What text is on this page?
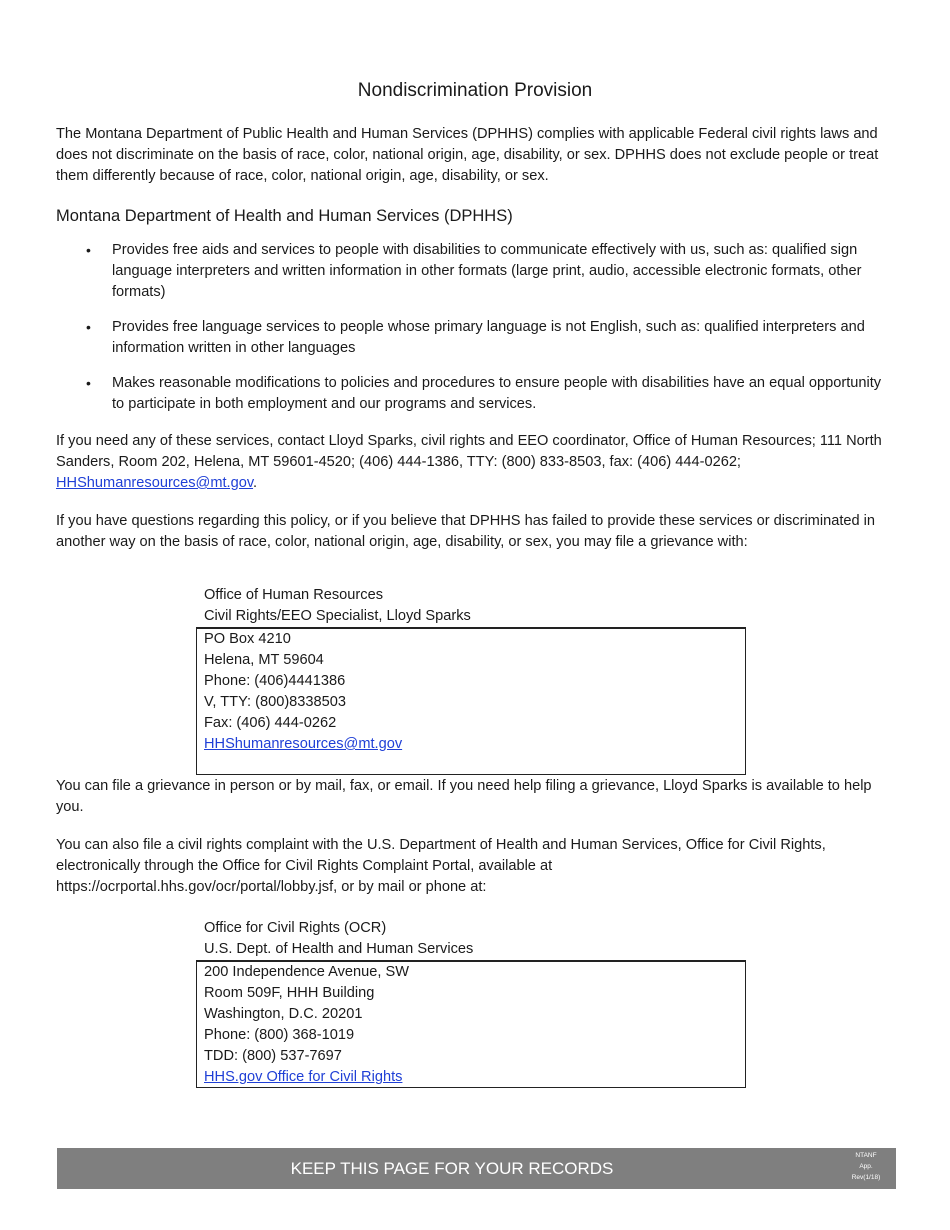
Nondiscrimination Provision

The Montana Department of Public Health and Human Services (DPHHS) complies with applicable Federal civil rights laws and does not discriminate on the basis of race, color, national origin, age, disability, or sex. DPHHS does not exclude people or treat them differently because of race, color, national origin, age, disability, or sex.

Montana Department of Health and Human Services (DPHHS)

• Provides free aids and services to people with disabilities to communicate effectively with us, such as: qualified sign language interpreters and written information in other formats (large print, audio, accessible electronic formats, other formats)
• Provides free language services to people whose primary language is not English, such as: qualified interpreters and information written in other languages
• Makes reasonable modifications to policies and procedures to ensure people with disabilities have an equal opportunity to participate in both employment and our programs and services.

If you need any of these services, contact Lloyd Sparks, civil rights and EEO coordinator, Office of Human Resources; 111 North Sanders, Room 202, Helena, MT 59601-4520; (406) 444-1386, TTY: (800) 833-8503, fax: (406) 444-0262; HHShumanresources@mt.gov.

If you have questions regarding this policy, or if you believe that DPHHS has failed to provide these services or discriminated in another way on the basis of race, color, national origin, age, disability, or sex, you may file a grievance with:

Office of Human Resources
Civil Rights/EEO Specialist, Lloyd Sparks
PO Box 4210
Helena, MT 59604
Phone: (406)4441386
V, TTY: (800)8338503
Fax: (406) 444-0262
HHShumanresources@mt.gov

You can file a grievance in person or by mail, fax, or email. If you need help filing a grievance, Lloyd Sparks is available to help you.

You can also file a civil rights complaint with the U.S. Department of Health and Human Services, Office for Civil Rights, electronically through the Office for Civil Rights Complaint Portal, available at
https://ocrportal.hhs.gov/ocr/portal/lobby.jsf, or by mail or phone at:

Office for Civil Rights (OCR)
U.S. Dept. of Health and Human Services
200 Independence Avenue, SW
Room 509F, HHH Building
Washington, D.C. 20201
Phone: (800) 368-1019
TDD: (800) 537-7697
HHS.gov Office for Civil Rights
KEEP THIS PAGE FOR YOUR RECORDS
NTANF
App.
Rev(1/18)
